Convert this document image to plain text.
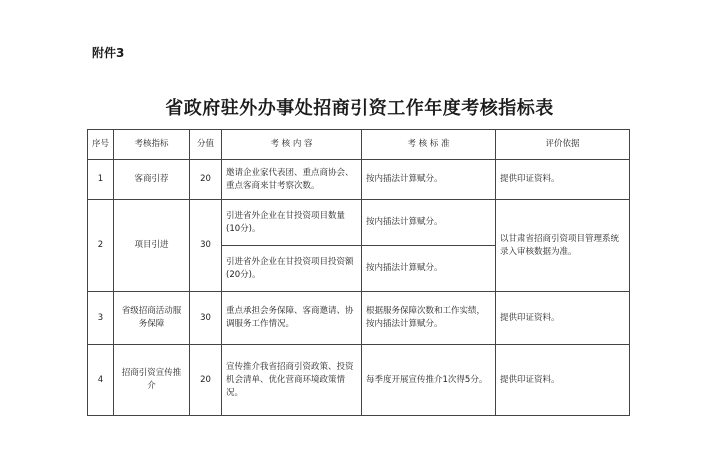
附件3
省政府驻外办事处招商引资工作年度考核指标表
序号	考核指标	分值	考 核 内 容	考 核 标 准	评价依据
1	客商引荐	20	邀请企业家代表团、重点商协会、重点客商来甘考察次数。	按内插法计算赋分。	提供印证资料。
2	项目引进	30	引进省外企业在甘投资项目数量(10分)。	按内插法计算赋分。	以甘肃省招商引资项目管理系统录入审核数据为准。
			引进省外企业在甘投资项目投资额(20分)。	按内插法计算赋分。	
3	省级招商活动服务保障	30	重点承担会务保障、客商邀请、协调服务工作情况。	根据服务保障次数和工作实绩，按内插法计算赋分。	提供印证资料。
4	招商引资宣传推介	20	宣传推介我省招商引资政策、投资机会清单、优化营商环境政策情况。	每季度开展宣传推介1次得5分。	提供印证资料。
